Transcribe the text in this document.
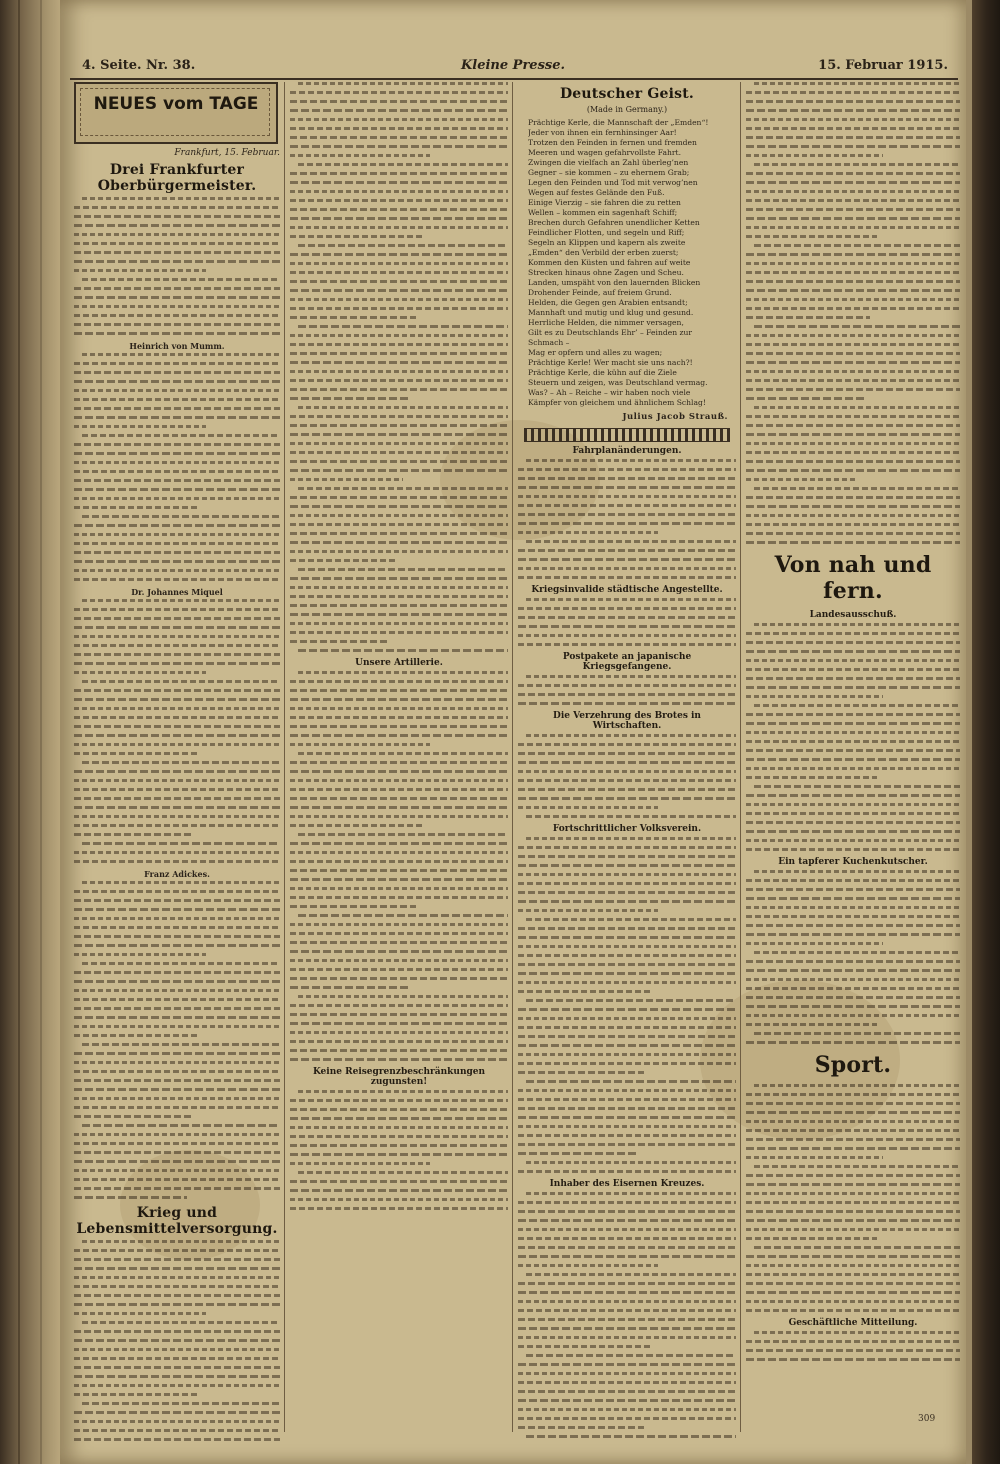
4. Seite. Nr. 38.	Kleine Presse.	15. Februar 1915.
NEUES vom TAGE
Frankfurt, 15. Februar.
Drei Frankfurter Oberbürgermeister.
Heinrich von Mumm.
Dr. Johannes Miquel
Franz Adickes.
Krieg und Lebensmittelversorgung.
Unsere Artillerie.
Keine Reisegrenzbeschränkungen zugunsten!
Deutscher Geist.
(Made in Germany.)
Prächtige Kerle, die Mannschaft der „Emden“!
Jeder von ihnen ein fernhinsinger Aar!
Trotzen den Feinden in fernen und fremden
Meeren und wagen gefahrvollste Fahrt.
Zwingen die vielfach an Zahl überleg’nen
Gegner – sie kommen – zu ehernem Grab;
Legen den Feinden und Tod mit verwog’nen
Wegen auf festes Gelände den Fuß.
Einige Vierzig – sie fahren die zu retten
Wellen – kommen ein sagenhaft Schiff;
Brechen durch Gefahren unendlicher Ketten
Feindlicher Flotten, und segeln und Riff;
Segeln an Klippen und kapern als zweite
„Emden“ den Verbild der erben zuerst;
Kommen den Küsten und fahren auf weite
Strecken hinaus ohne Zagen und Scheu.
Landen, umspäht von den lauernden Blicken
Drohender Feinde, auf freiem Grund.
Helden, die Gegen gen Arabien entsandt;
Mannhaft und mutig und klug und gesund.
Herrliche Helden, die nimmer versagen,
Gilt es zu Deutschlands Ehr’ – Feinden zur
Schmach –
Mag er opfern und alles zu wagen;
Prächtige Kerle! Wer macht sie uns nach?!
Prächtige Kerle, die kühn auf die Ziele
Steuern und zeigen, was Deutschland vermag.
Was? – Ah – Reiche – wir haben noch viele
Kämpfer von gleichem und ähnlichem Schlag!
Julius Jacob Strauß.
Fahrplanänderungen.
Kriegsinvalide städtische Angestellte.
Postpakete an japanische Kriegsgefangene.
Die Verzehrung des Brotes in Wirtschaften.
Fortschrittlicher Volksverein.
Inhaber des Eisernen Kreuzes.
Von nah und fern.
Landesausschuß.
Ein tapferer Kuchenkutscher.
Sport.
Geschäftliche Mitteilung.
309
